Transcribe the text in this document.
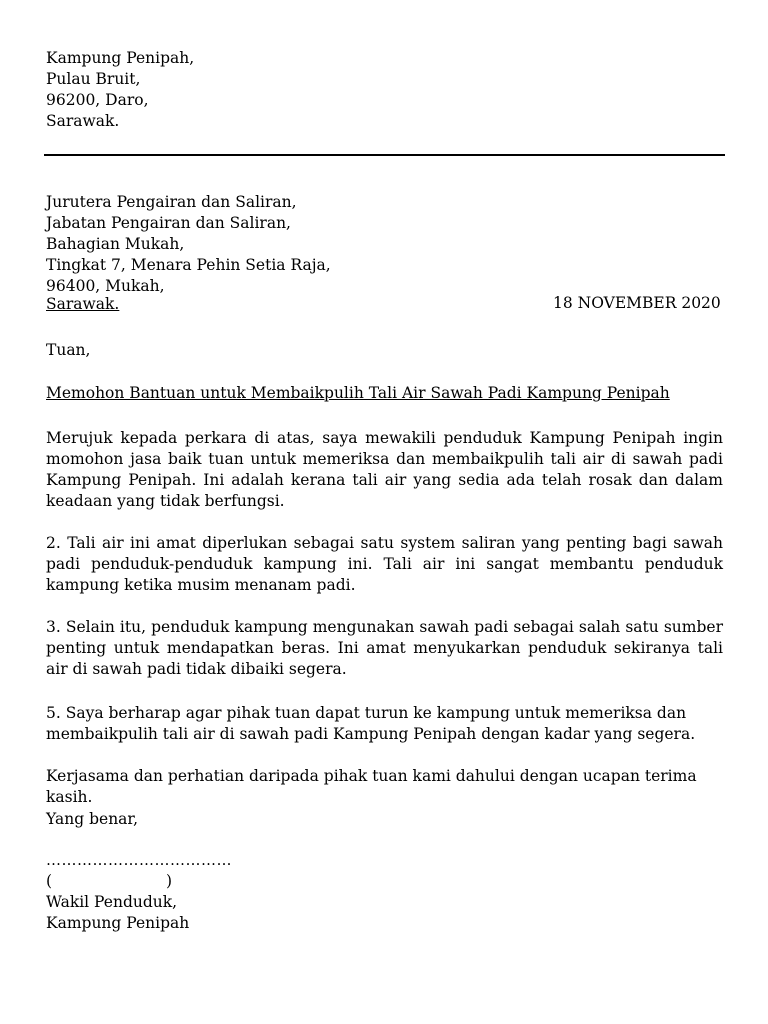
Kampung Penipah,
Pulau Bruit,
96200, Daro,
Sarawak.
Jurutera Pengairan dan Saliran,
Jabatan Pengairan dan Saliran,
Bahagian Mukah,
Tingkat 7, Menara Pehin Setia Raja,
96400, Mukah,
Sarawak.	18 NOVEMBER 2020
Tuan,
Memohon Bantuan untuk Membaikpulih Tali Air Sawah Padi Kampung Penipah
Merujuk kepada perkara di atas, saya mewakili penduduk Kampung Penipah ingin momohon jasa baik tuan untuk memeriksa dan membaikpulih tali air di sawah padi Kampung Penipah. Ini adalah kerana tali air yang sedia ada telah rosak dan dalam keadaan yang tidak berfungsi.
2. Tali air ini amat diperlukan sebagai satu system saliran yang penting bagi sawah padi penduduk-penduduk kampung ini. Tali air ini sangat membantu penduduk kampung ketika musim menanam padi.
3. Selain itu, penduduk kampung mengunakan sawah padi sebagai salah satu sumber penting untuk mendapatkan beras. Ini amat menyukarkan penduduk sekiranya tali air di sawah padi tidak dibaiki segera.
5. Saya berharap agar pihak tuan dapat turun ke kampung untuk memeriksa dan membaikpulih tali air di sawah padi Kampung Penipah dengan kadar yang segera.
Kerjasama dan perhatian daripada pihak tuan kami dahului dengan ucapan terima kasih.
Yang benar,
………………………………
(	)
Wakil Penduduk,
Kampung Penipah
